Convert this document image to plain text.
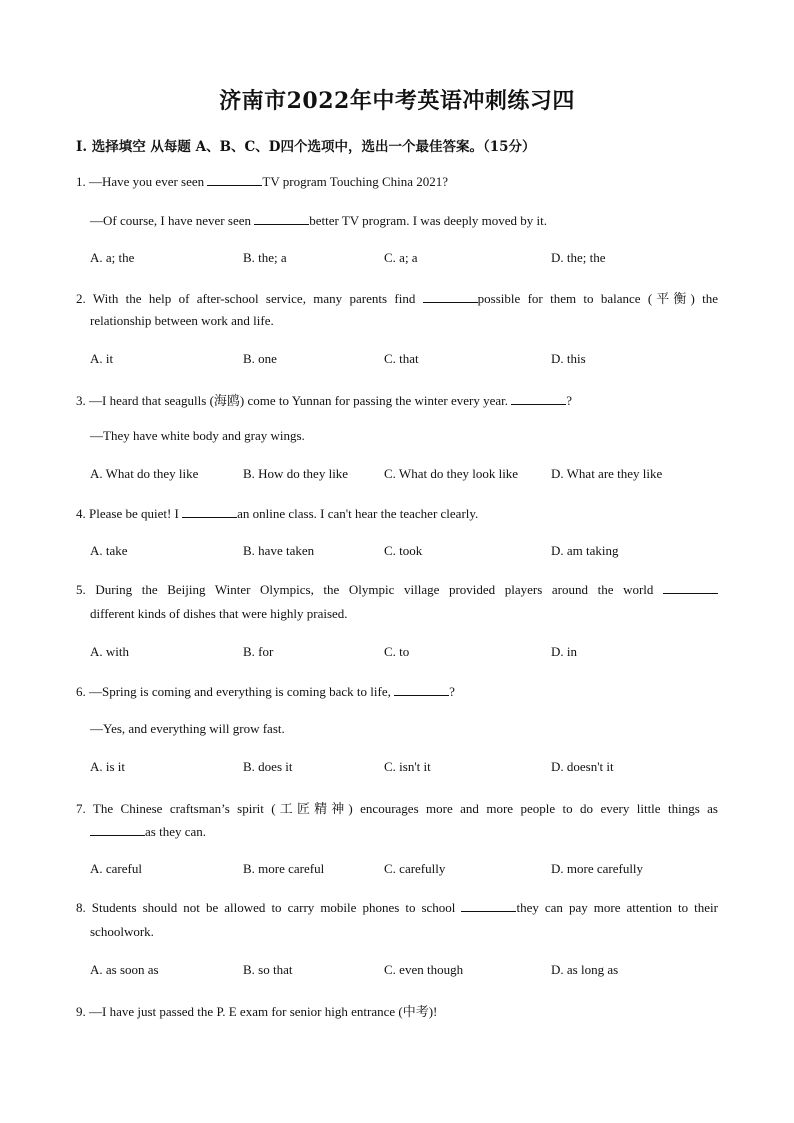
济南市2022年中考英语冲刺练习四
I. 选择填空 从每题 A、B、C、D四个选项中，选出一个最佳答案。（15分）
1. —Have you ever seen	TV program Touching China 2021?
—Of course, I have never seen	better TV program. I was deeply moved by it.
A. a; the	B. the; a	C. a; a	D. the; the
2. With the help of after-school service, many parents find	possible for them to balance (平衡) the
relationship between work and life.
A. it	B. one	C. that	D. this
3. —I heard that seagulls (海鸥) come to Yunnan for passing the winter every year.	?
—They have white body and gray wings.
A. What do they like	B. How do they like	C. What do they look like	D. What are they like
4. Please be quiet! I	an online class. I can't hear the teacher clearly.
A. take	B. have taken	C. took	D. am taking
5. During the Beijing Winter Olympics, the Olympic village provided players around the world
different kinds of dishes that were highly praised.
A. with	B. for	C. to	D. in
6. —Spring is coming and everything is coming back to life,	?
—Yes, and everything will grow fast.
A. is it	B. does it	C. isn't it	D. doesn't it
7. The Chinese craftsman’s spirit (工匠精神) encourages more and more people to do every little things as
as they can.
A. careful	B. more careful	C. carefully	D. more carefully
8. Students should not be allowed to carry mobile phones to school	they can pay more attention to their
schoolwork.
A. as soon as	B. so that	C. even though	D. as long as
9. —I have just passed the P. E exam for senior high entrance (中考)!
